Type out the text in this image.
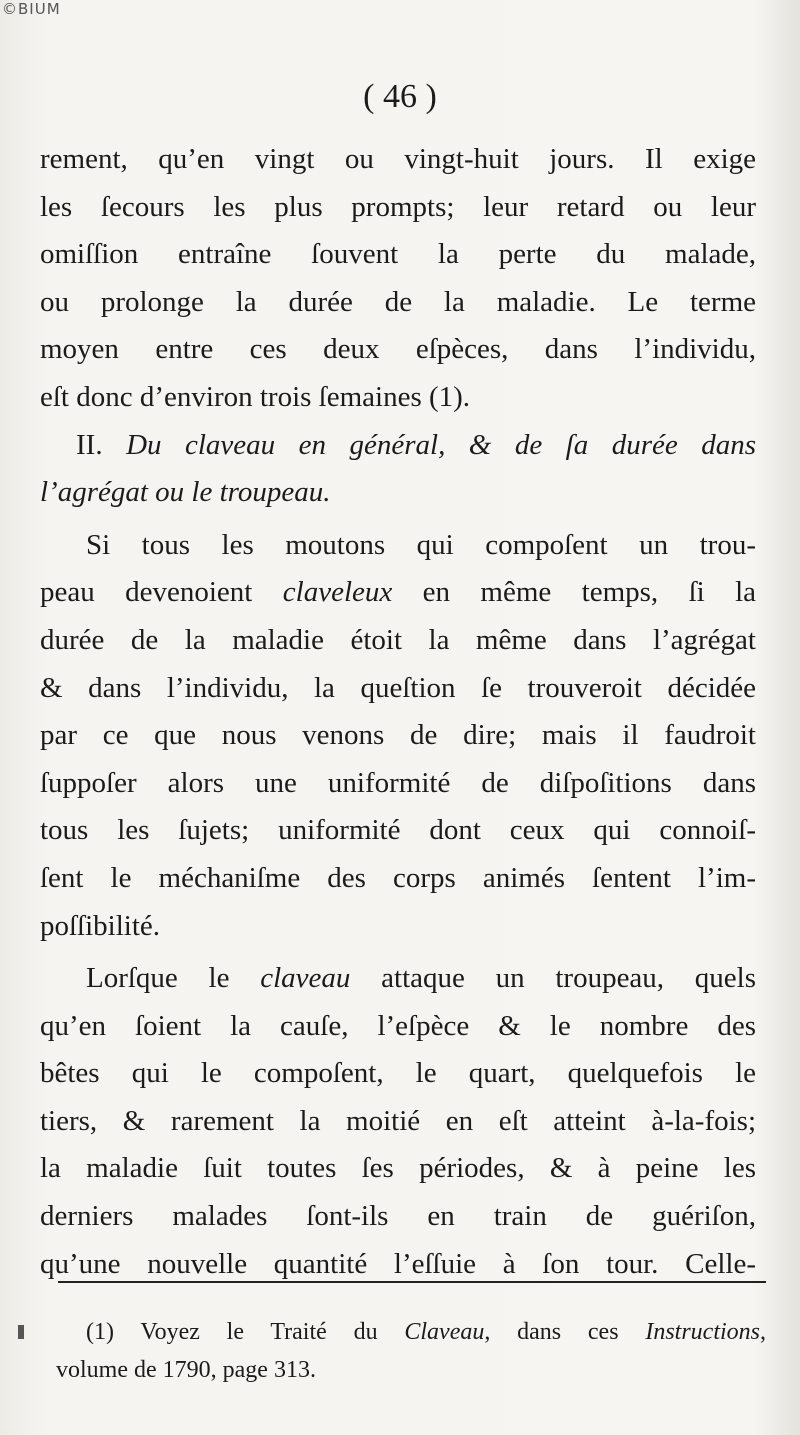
©BIUM
( 46 )
rement, qu’en vingt ou vingt-huit jours. Il exige
les ſecours les plus prompts; leur retard ou leur
omiſſion entraîne ſouvent la perte du malade,
ou prolonge la durée de la maladie. Le terme
moyen entre ces deux eſpèces, dans l’individu,
eſt donc d’environ trois ſemaines (1).
II. Du claveau en général, & de ſa durée dans
l’agrégat ou le troupeau.
Si tous les moutons qui compoſent un trou-
peau devenoient claveleux en même temps, ſi la
durée de la maladie étoit la même dans l’agrégat
& dans l’individu, la queſtion ſe trouveroit décidée
par ce que nous venons de dire; mais il faudroit
ſuppoſer alors une uniformité de diſpoſitions dans
tous les ſujets; uniformité dont ceux qui connoiſ-
ſent le méchaniſme des corps animés ſentent l’im-
poſſibilité.
Lorſque le claveau attaque un troupeau, quels
qu’en ſoient la cauſe, l’eſpèce & le nombre des
bêtes qui le compoſent, le quart, quelquefois le
tiers, & rarement la moitié en eſt atteint à-la-fois;
la maladie ſuit toutes ſes périodes, & à peine les
derniers malades ſont-ils en train de guériſon,
qu’une nouvelle quantité l’eſſuie à ſon tour. Celle-
(1) Voyez le Traité du Claveau, dans ces Instructions,
volume de 1790, page 313.
